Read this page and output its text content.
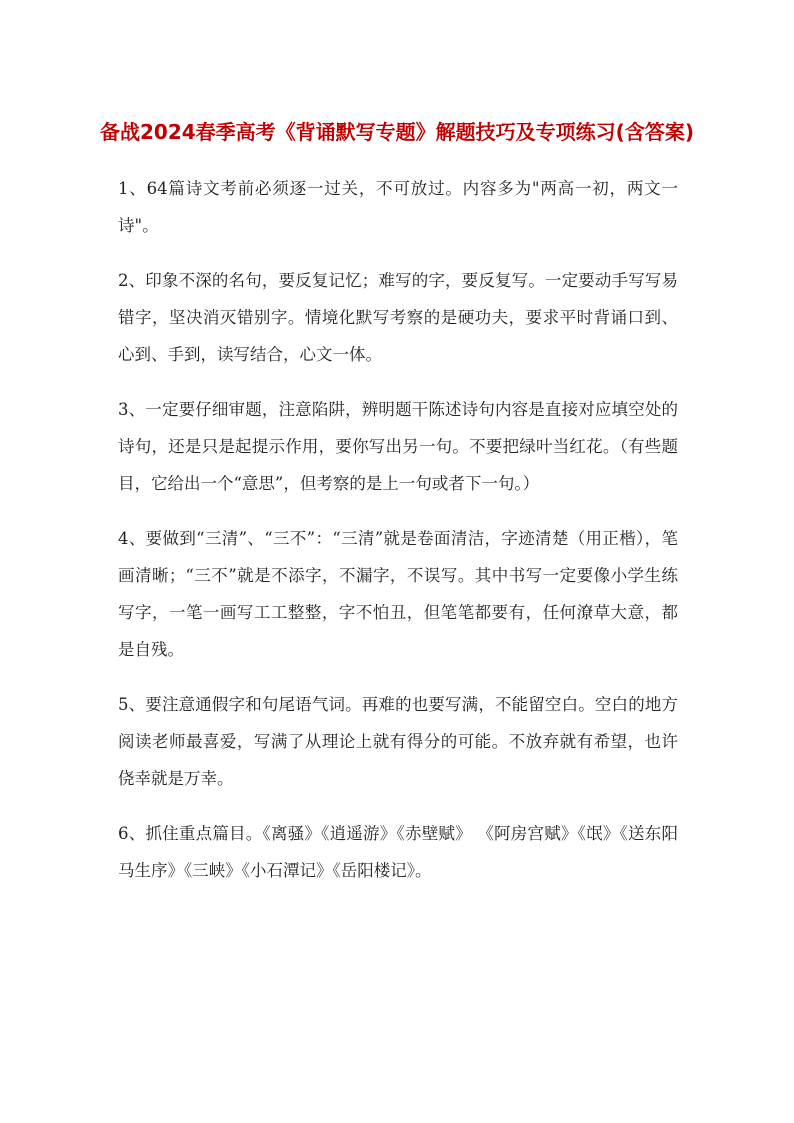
备战2024春季高考《背诵默写专题》解题技巧及专项练习(含答案)

1、64篇诗文考前必须逐一过关，不可放过。内容多为"两高一初，两文一诗"。

2、印象不深的名句，要反复记忆；难写的字，要反复写。一定要动手写写易错字，坚决消灭错别字。情境化默写考察的是硬功夫，要求平时背诵口到、心到、手到，读写结合，心文一体。

3、一定要仔细审题，注意陷阱，辨明题干陈述诗句内容是直接对应填空处的诗句，还是只是起提示作用，要你写出另一句。不要把绿叶当红花。（有些题目，它给出一个“意思”，但考察的是上一句或者下一句。）

4、要做到“三清”、“三不”：“三清”就是卷面清洁，字迹清楚（用正楷），笔画清晰；“三不”就是不添字，不漏字，不误写。其中书写一定要像小学生练写字，一笔一画写工工整整，字不怕丑，但笔笔都要有，任何潦草大意，都是自残。

5、要注意通假字和句尾语气词。再难的也要写满，不能留空白。空白的地方阅读老师最喜爱，写满了从理论上就有得分的可能。不放弃就有希望，也许侥幸就是万幸。

6、抓住重点篇目。《离骚》《逍遥游》《赤壁赋》 《阿房宫赋》《氓》《送东阳马生序》《三峡》《小石潭记》《岳阳楼记》。
